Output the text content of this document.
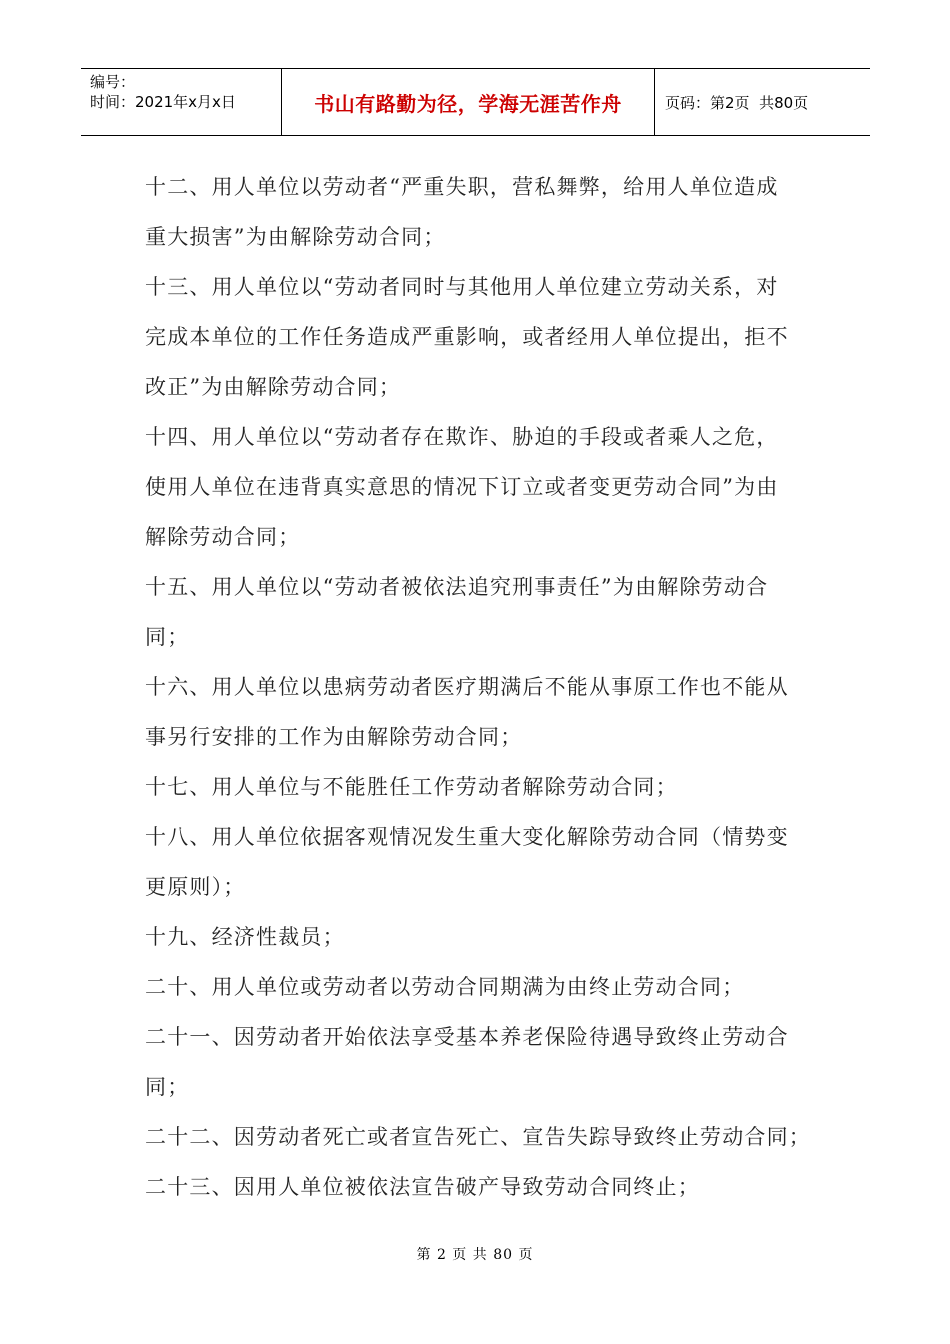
编号：
时间：2021年x月x日	书山有路勤为径，学海无涯苦作舟	页码：第2页  共80页
十二、用人单位以劳动者“严重失职，营私舞弊，给用人单位造成
重大损害”为由解除劳动合同；
十三、用人单位以“劳动者同时与其他用人单位建立劳动关系，对
完成本单位的工作任务造成严重影响，或者经用人单位提出，拒不
改正”为由解除劳动合同；
十四、用人单位以“劳动者存在欺诈、胁迫的手段或者乘人之危，
使用人单位在违背真实意思的情况下订立或者变更劳动合同”为由
解除劳动合同；
十五、用人单位以“劳动者被依法追究刑事责任”为由解除劳动合
同；
十六、用人单位以患病劳动者医疗期满后不能从事原工作也不能从
事另行安排的工作为由解除劳动合同；
十七、用人单位与不能胜任工作劳动者解除劳动合同；
十八、用人单位依据客观情况发生重大变化解除劳动合同（情势变
更原则）；
十九、经济性裁员；
二十、用人单位或劳动者以劳动合同期满为由终止劳动合同；
二十一、因劳动者开始依法享受基本养老保险待遇导致终止劳动合
同；
二十二、因劳动者死亡或者宣告死亡、宣告失踪导致终止劳动合同；
二十三、因用人单位被依法宣告破产导致劳动合同终止；
第 2 页 共 80 页
